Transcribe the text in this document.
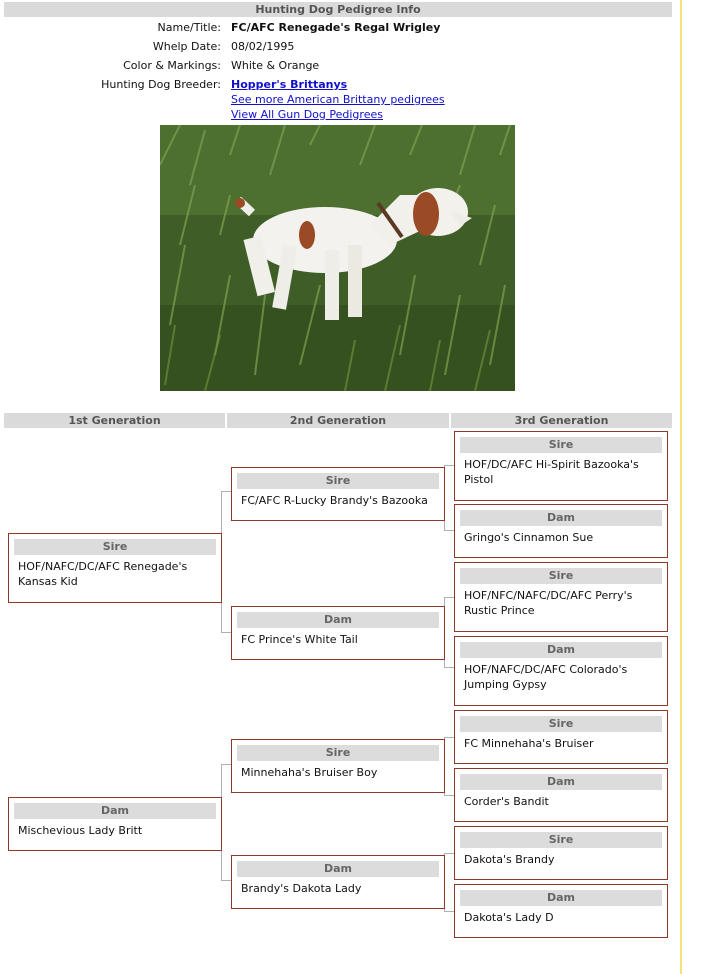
Hunting Dog Pedigree Info
Name/Title: FC/AFC Renegade's Regal Wrigley
Whelp Date: 08/02/1995
Color & Markings: White & Orange
Hunting Dog Breeder: Hopper's Brittanys
See more American Brittany pedigrees
View All Gun Dog Pedigrees
1st Generation	2nd Generation	3rd Generation
Sire
HOF/NAFC/DC/AFC Renegade's Kansas Kid
Dam
Mischevious Lady Britt
Sire
FC/AFC R-Lucky Brandy's Bazooka
Dam
FC Prince's White Tail
Sire
Minnehaha's Bruiser Boy
Dam
Brandy's Dakota Lady
Sire
HOF/DC/AFC Hi-Spirit Bazooka's Pistol
Dam
Gringo's Cinnamon Sue
Sire
HOF/NFC/NAFC/DC/AFC Perry's Rustic Prince
Dam
HOF/NAFC/DC/AFC Colorado's Jumping Gypsy
Sire
FC Minnehaha's Bruiser
Dam
Corder's Bandit
Sire
Dakota's Brandy
Dam
Dakota's Lady D
